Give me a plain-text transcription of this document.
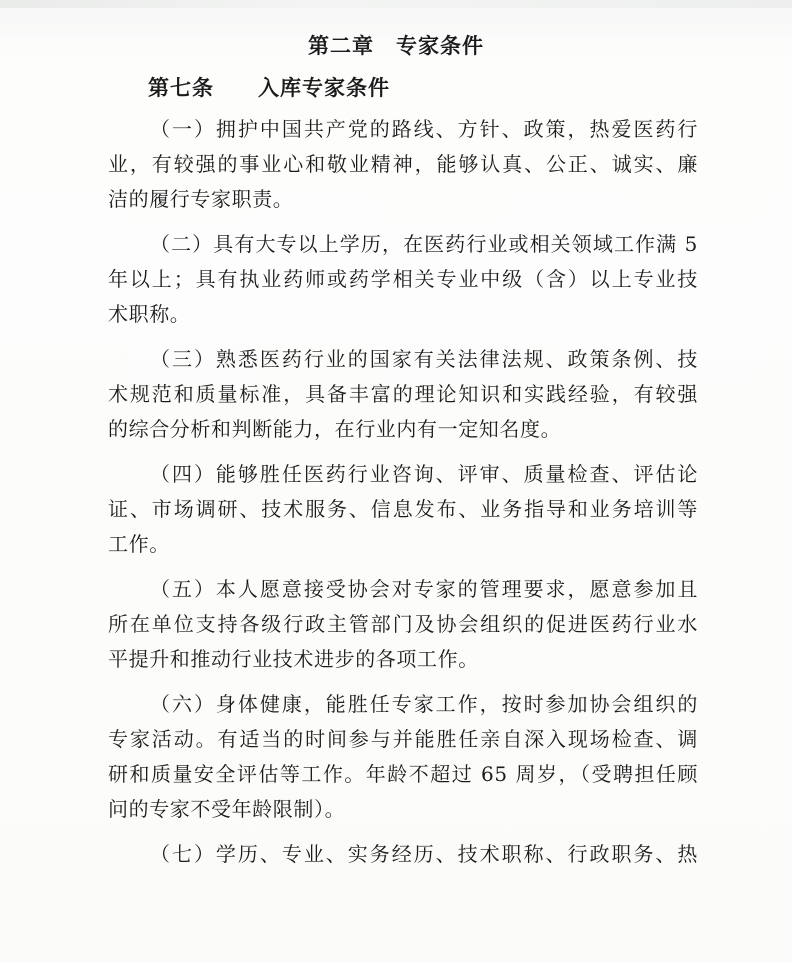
第二章　专家条件
第七条　　入库专家条件
（一）拥护中国共产党的路线、方针、政策，热爱医药行
业，有较强的事业心和敬业精神，能够认真、公正、诚实、廉
洁的履行专家职责。
（二）具有大专以上学历，在医药行业或相关领域工作满 5
年以上；具有执业药师或药学相关专业中级（含）以上专业技
术职称。
（三）熟悉医药行业的国家有关法律法规、政策条例、技
术规范和质量标准，具备丰富的理论知识和实践经验，有较强
的综合分析和判断能力，在行业内有一定知名度。
（四）能够胜任医药行业咨询、评审、质量检查、评估论
证、市场调研、技术服务、信息发布、业务指导和业务培训等
工作。
（五）本人愿意接受协会对专家的管理要求，愿意参加且
所在单位支持各级行政主管部门及协会组织的促进医药行业水
平提升和推动行业技术进步的各项工作。
（六）身体健康，能胜任专家工作，按时参加协会组织的
专家活动。有适当的时间参与并能胜任亲自深入现场检查、调
研和质量安全评估等工作。年龄不超过 65 周岁，（受聘担任顾
问的专家不受年龄限制）。
（七）学历、专业、实务经历、技术职称、行政职务、热
